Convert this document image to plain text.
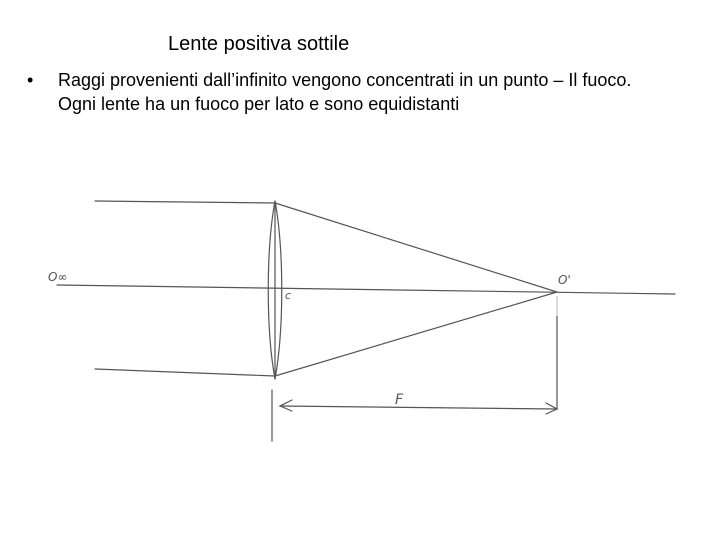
Lente positiva sottile
• Raggi provenienti dall’infinito vengono concentrati in un punto – Il fuoco.
Ogni lente ha un fuoco per lato e sono equidistanti
O∞
c
O'
F
